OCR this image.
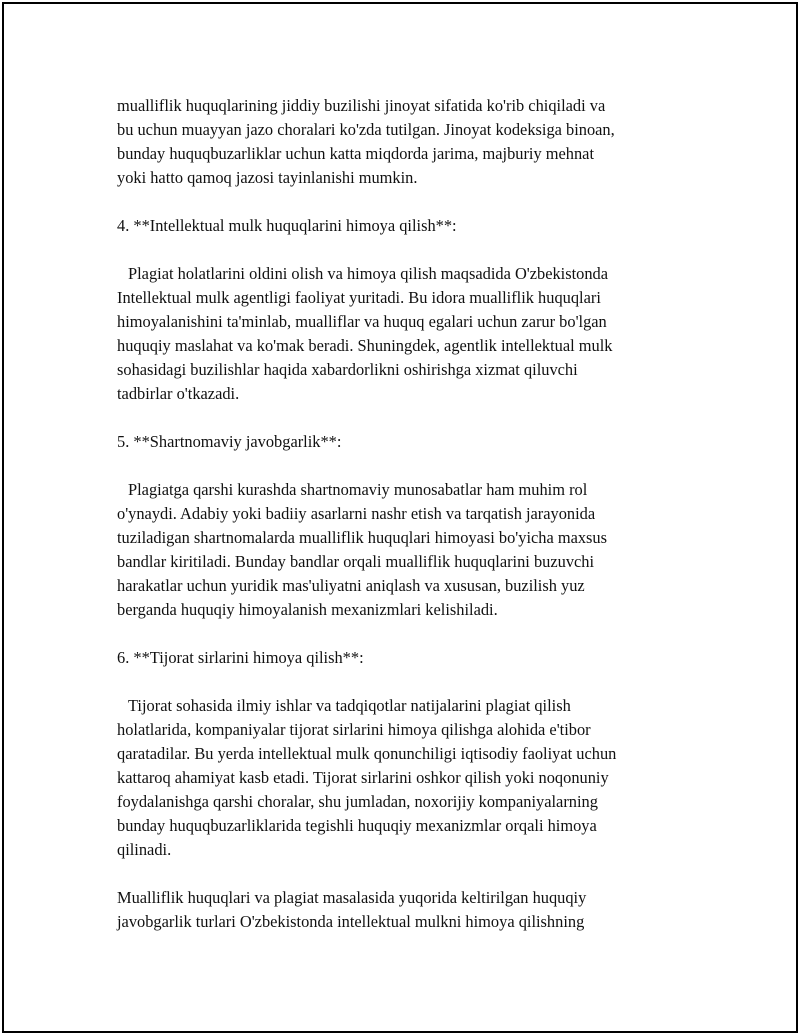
mualliflik huquqlarining jiddiy buzilishi jinoyat sifatida ko'rib chiqiladi va
bu uchun muayyan jazo choralari ko'zda tutilgan. Jinoyat kodeksiga binoan,
bunday huquqbuzarliklar uchun katta miqdorda jarima, majburiy mehnat
yoki hatto qamoq jazosi tayinlanishi mumkin.

4. **Intellektual mulk huquqlarini himoya qilish**:

Plagiat holatlarini oldini olish va himoya qilish maqsadida O'zbekistonda
Intellektual mulk agentligi faoliyat yuritadi. Bu idora mualliflik huquqlari
himoyalanishini ta'minlab, mualliflar va huquq egalari uchun zarur bo'lgan
huquqiy maslahat va ko'mak beradi. Shuningdek, agentlik intellektual mulk
sohasidagi buzilishlar haqida xabardorlikni oshirishga xizmat qiluvchi
tadbirlar o'tkazadi.

5. **Shartnomaviy javobgarlik**:

Plagiatga qarshi kurashda shartnomaviy munosabatlar ham muhim rol
o'ynaydi. Adabiy yoki badiiy asarlarni nashr etish va tarqatish jarayonida
tuziladigan shartnomalarda mualliflik huquqlari himoyasi bo'yicha maxsus
bandlar kiritiladi. Bunday bandlar orqali mualliflik huquqlarini buzuvchi
harakatlar uchun yuridik mas'uliyatni aniqlash va xususan, buzilish yuz
berganda huquqiy himoyalanish mexanizmlari kelishiladi.

6. **Tijorat sirlarini himoya qilish**:

Tijorat sohasida ilmiy ishlar va tadqiqotlar natijalarini plagiat qilish
holatlarida, kompaniyalar tijorat sirlarini himoya qilishga alohida e'tibor
qaratadilar. Bu yerda intellektual mulk qonunchiligi iqtisodiy faoliyat uchun
kattaroq ahamiyat kasb etadi. Tijorat sirlarini oshkor qilish yoki noqonuniy
foydalanishga qarshi choralar, shu jumladan, noxorijiy kompaniyalarning
bunday huquqbuzarliklarida tegishli huquqiy mexanizmlar orqali himoya
qilinadi.

Mualliflik huquqlari va plagiat masalasida yuqorida keltirilgan huquqiy
javobgarlik turlari O'zbekistonda intellektual mulkni himoya qilishning
